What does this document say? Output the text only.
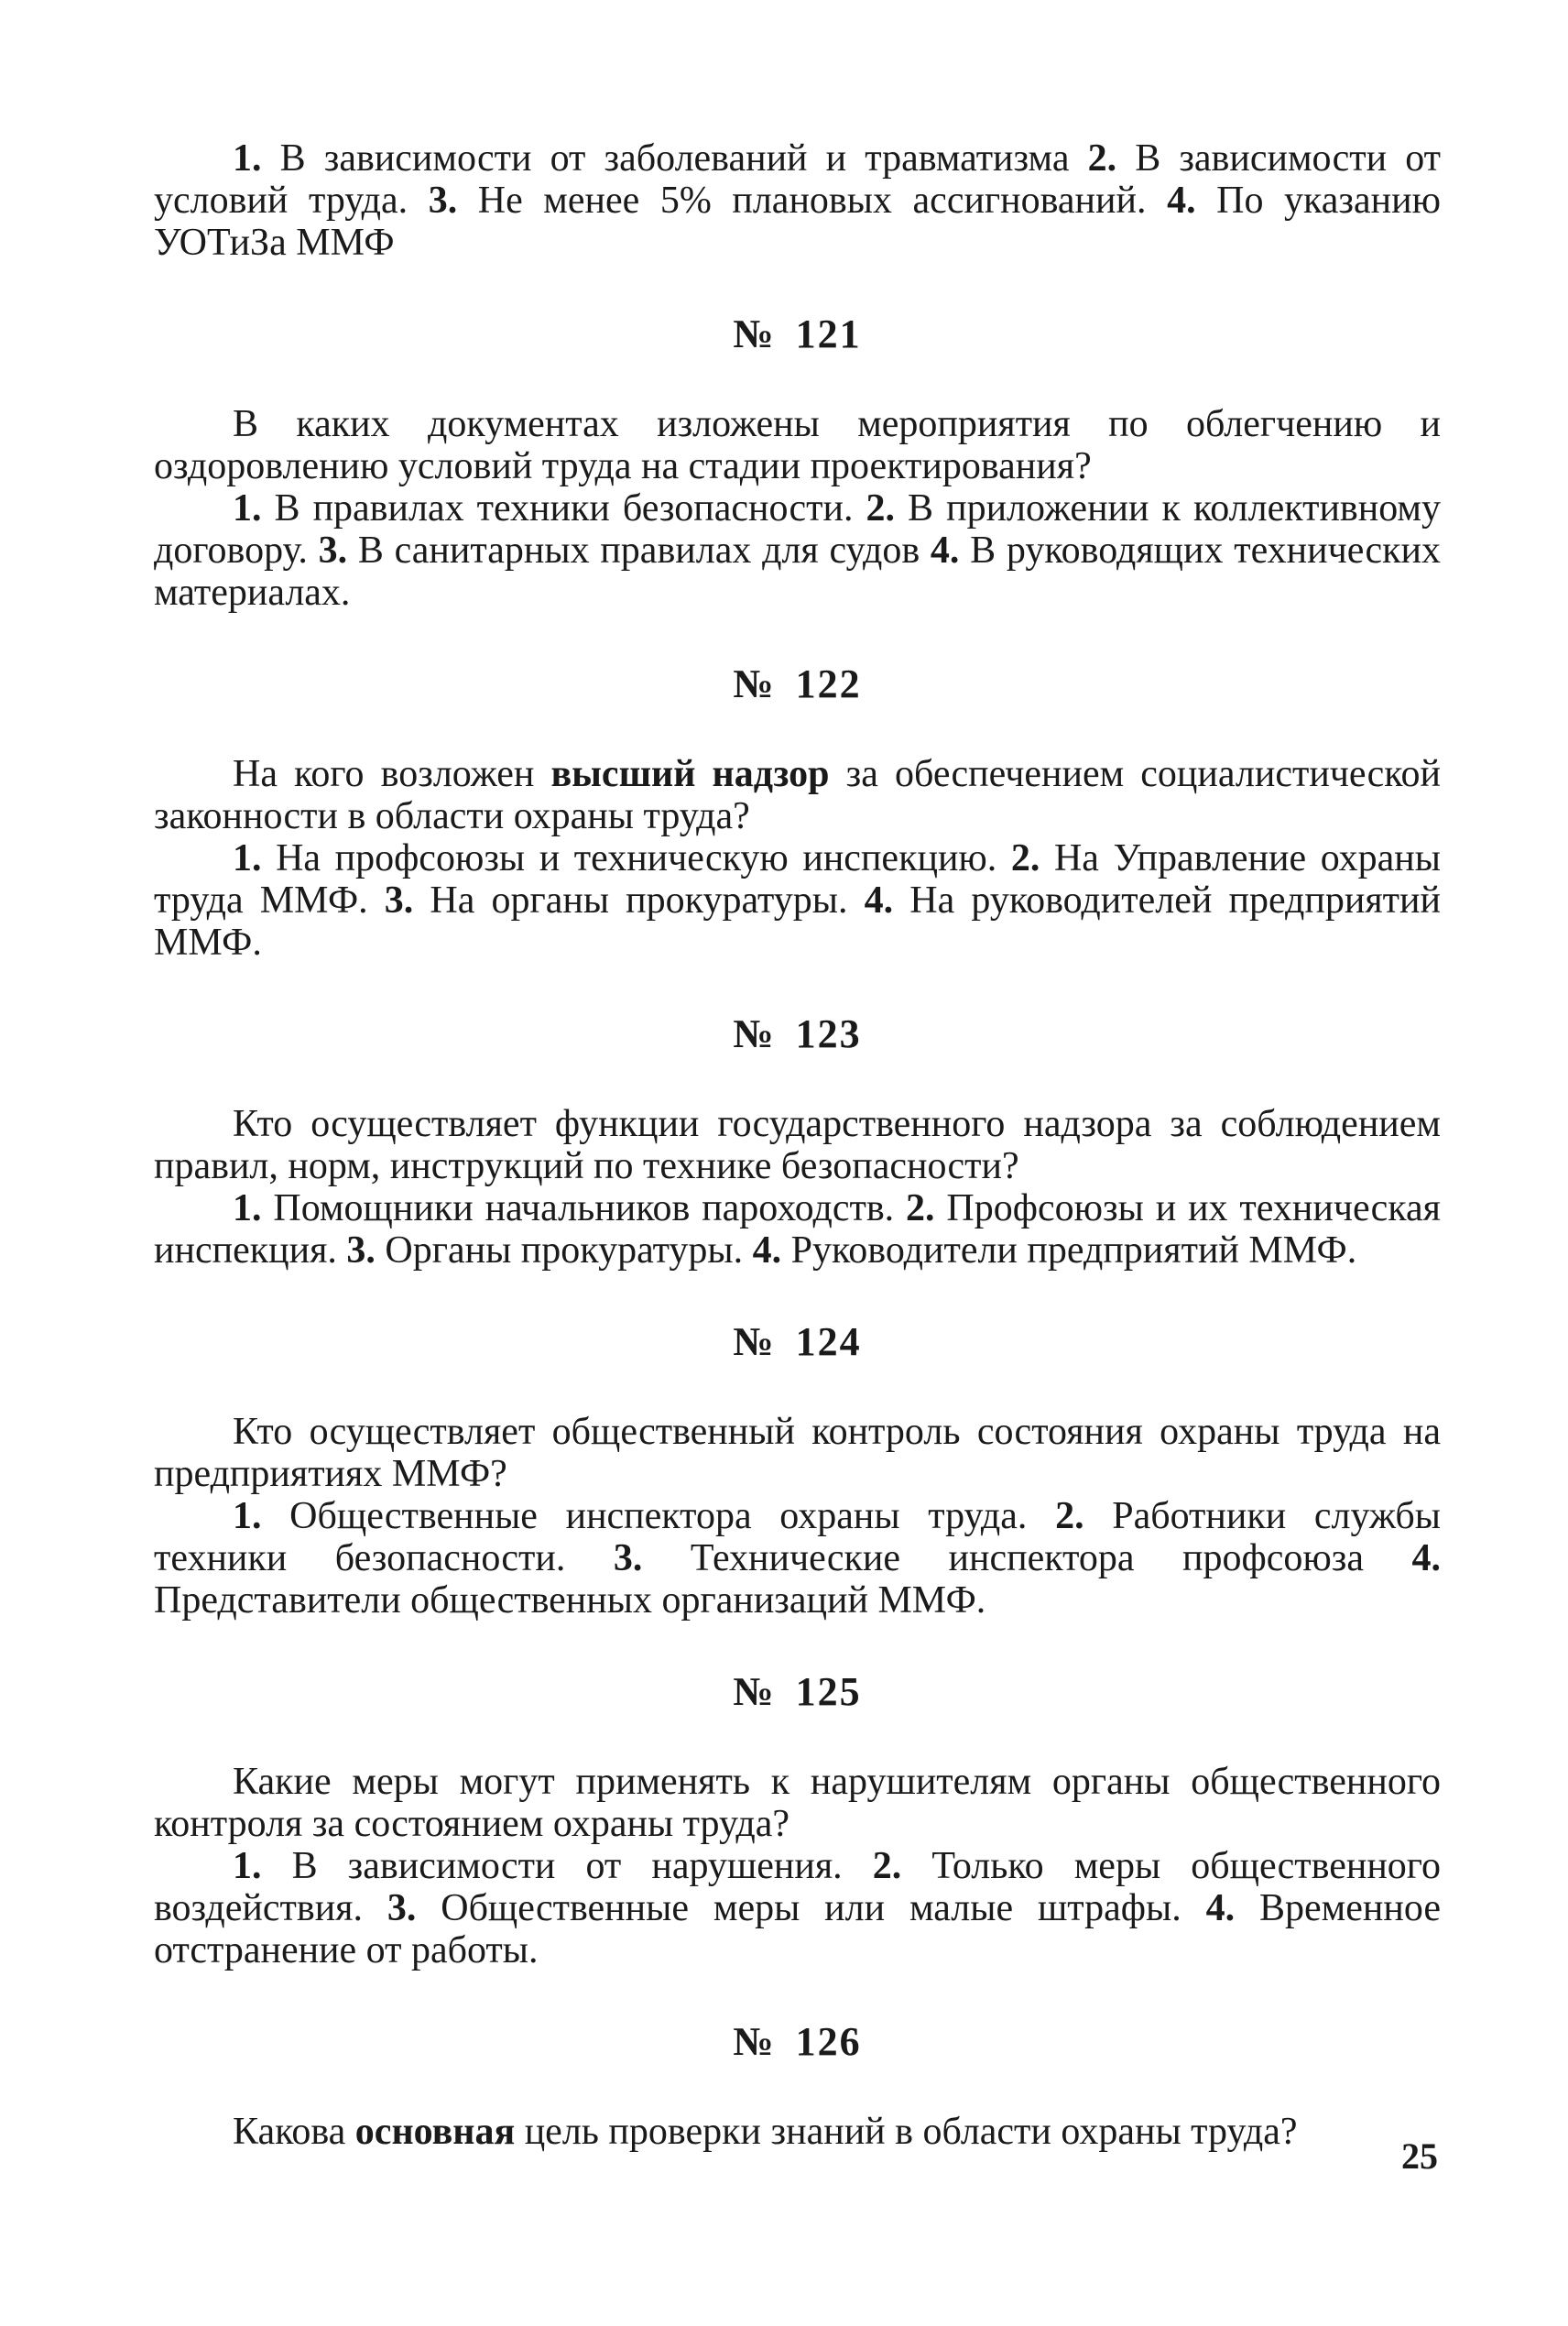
1. В зависимости от заболеваний и травматизма 2. В зависимости от условий труда. 3. Не менее 5% плановых ассигнований. 4. По указанию УОТиЗа ММФ

№ 121

В каких документах изложены мероприятия по облегчению и оздоровлению условий труда на стадии проектирования?

1. В правилах техники безопасности. 2. В приложении к коллективному договору. 3. В санитарных правилах для судов 4. В руководящих технических материалах.

№ 122

На кого возложен высший надзор за обеспечением социалистической законности в области охраны труда?

1. На профсоюзы и техническую инспекцию. 2. На Управление охраны труда ММФ. 3. На органы прокуратуры. 4. На руководителей предприятий ММФ.

№ 123

Кто осуществляет функции государственного надзора за соблюдением правил, норм, инструкций по технике безопасности?

1. Помощники начальников пароходств. 2. Профсоюзы и их техническая инспекция. 3. Органы прокуратуры. 4. Руководители предприятий ММФ.

№ 124

Кто осуществляет общественный контроль состояния охраны труда на предприятиях ММФ?

1. Общественные инспектора охраны труда. 2. Работники службы техники безопасности. 3. Технические инспектора профсоюза 4. Представители общественных организаций ММФ.

№ 125

Какие меры могут применять к нарушителям органы общественного контроля за состоянием охраны труда?

1. В зависимости от нарушения. 2. Только меры общественного воздействия. 3. Общественные меры или малые штрафы. 4. Временное отстранение от работы.

№ 126

Какова основная цель проверки знаний в области охраны труда?

25
